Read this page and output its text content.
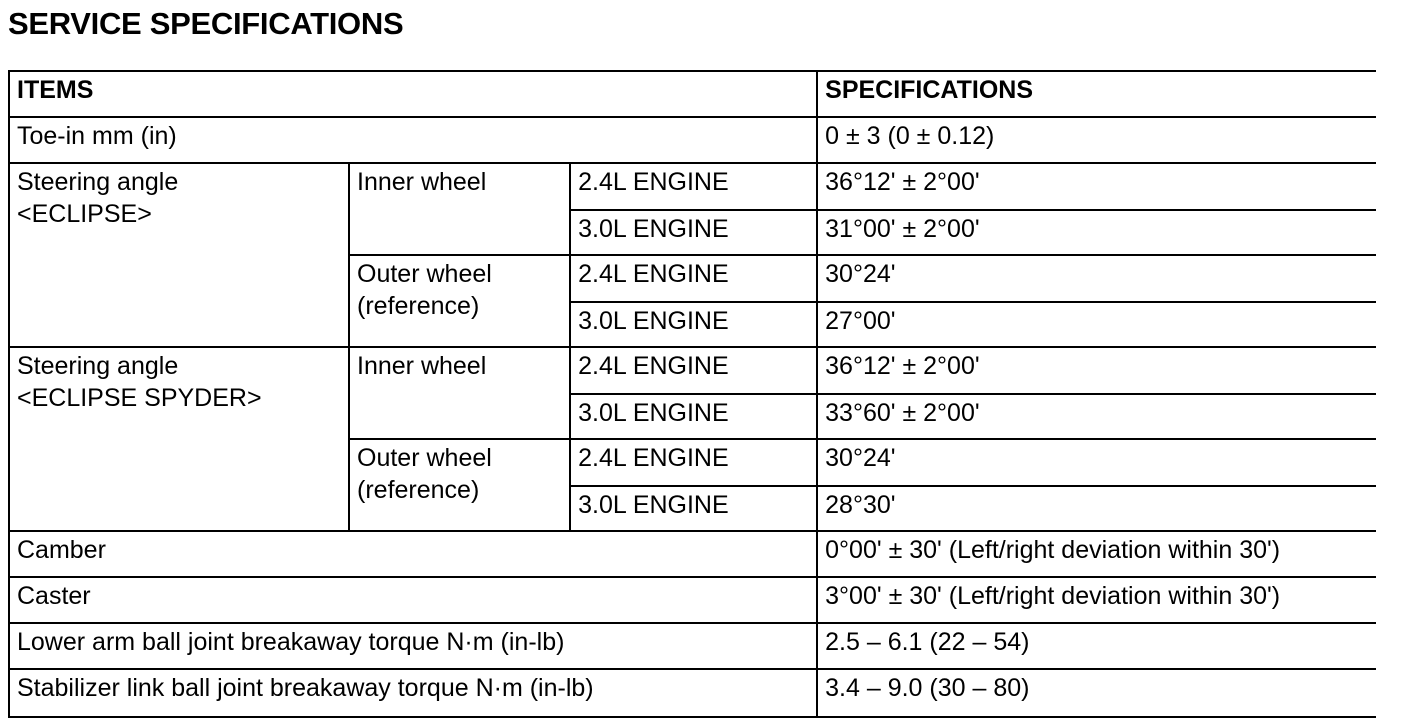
SERVICE SPECIFICATIONS
ITEMS			SPECIFICATIONS
Toe-in mm (in)			0 ± 3 (0 ± 0.12)

Steering angle
<ECLIPSE>	Inner wheel	2.4L ENGINE	36°12' ± 2°00'
		3.0L ENGINE	31°00' ± 2°00'

	Outer wheel
(reference)	2.4L ENGINE	30°24'
		3.0L ENGINE	27°00'

Steering angle
<ECLIPSE SPYDER>	Inner wheel	2.4L ENGINE	36°12' ± 2°00'
		3.0L ENGINE	33°60' ± 2°00'

	Outer wheel
(reference)	2.4L ENGINE	30°24'
		3.0L ENGINE	28°30'
Camber			0°00' ± 30' (Left/right deviation within 30')
Caster			3°00' ± 30' (Left/right deviation within 30')
Lower arm ball joint breakaway torque N·m (in-lb)			2.5 – 6.1 (22 – 54)
Stabilizer link ball joint breakaway torque N·m (in-lb)			3.4 – 9.0 (30 – 80)
